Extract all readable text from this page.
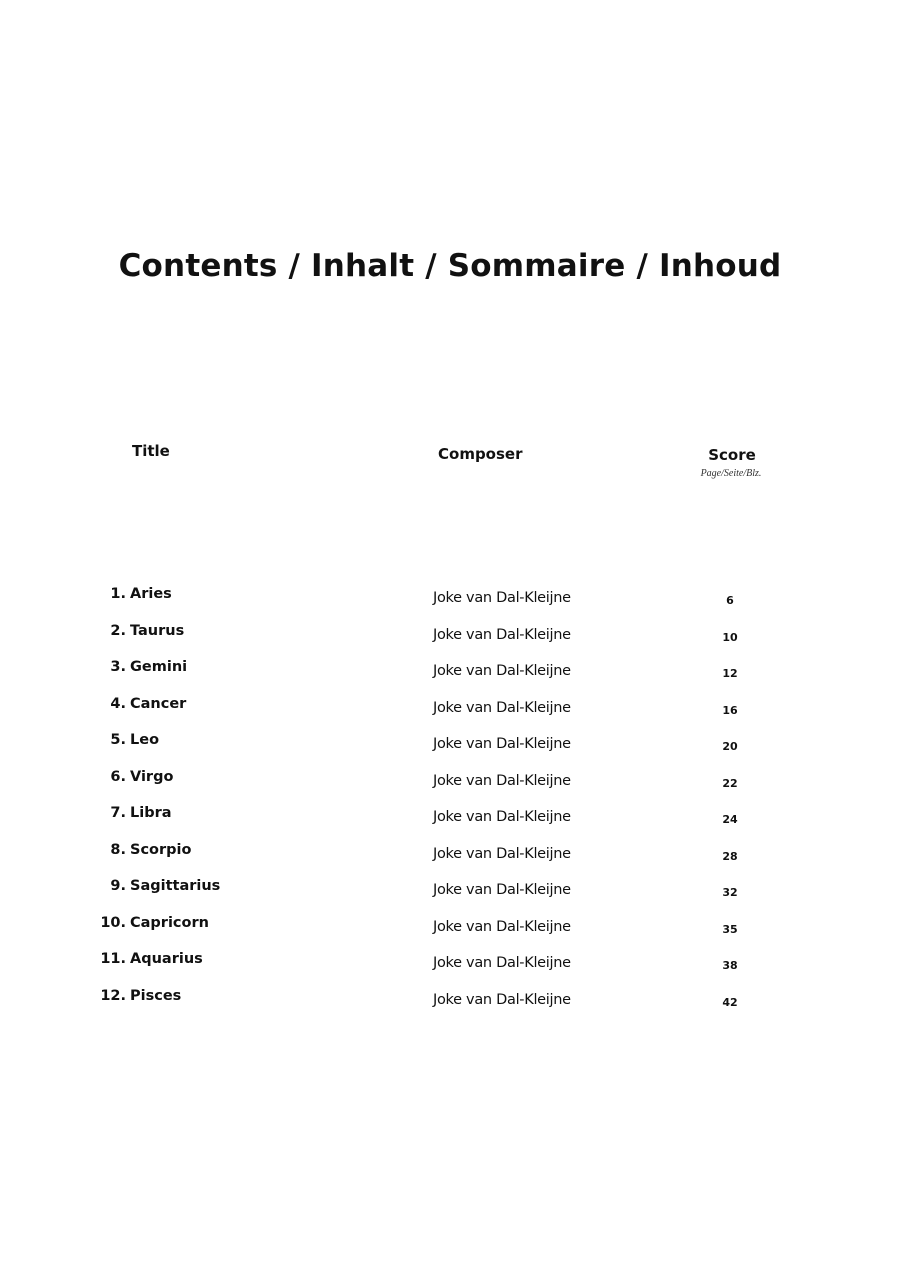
Contents / Inhalt / Sommaire / Inhoud
Title	Composer	Score
Page/Seite/Blz.
1. Aries	Joke van Dal-Kleijne	6
2. Taurus	Joke van Dal-Kleijne	10
3. Gemini	Joke van Dal-Kleijne	12
4. Cancer	Joke van Dal-Kleijne	16
5. Leo	Joke van Dal-Kleijne	20
6. Virgo	Joke van Dal-Kleijne	22
7. Libra	Joke van Dal-Kleijne	24
8. Scorpio	Joke van Dal-Kleijne	28
9. Sagittarius	Joke van Dal-Kleijne	32
10. Capricorn	Joke van Dal-Kleijne	35
11. Aquarius	Joke van Dal-Kleijne	38
12. Pisces	Joke van Dal-Kleijne	42
